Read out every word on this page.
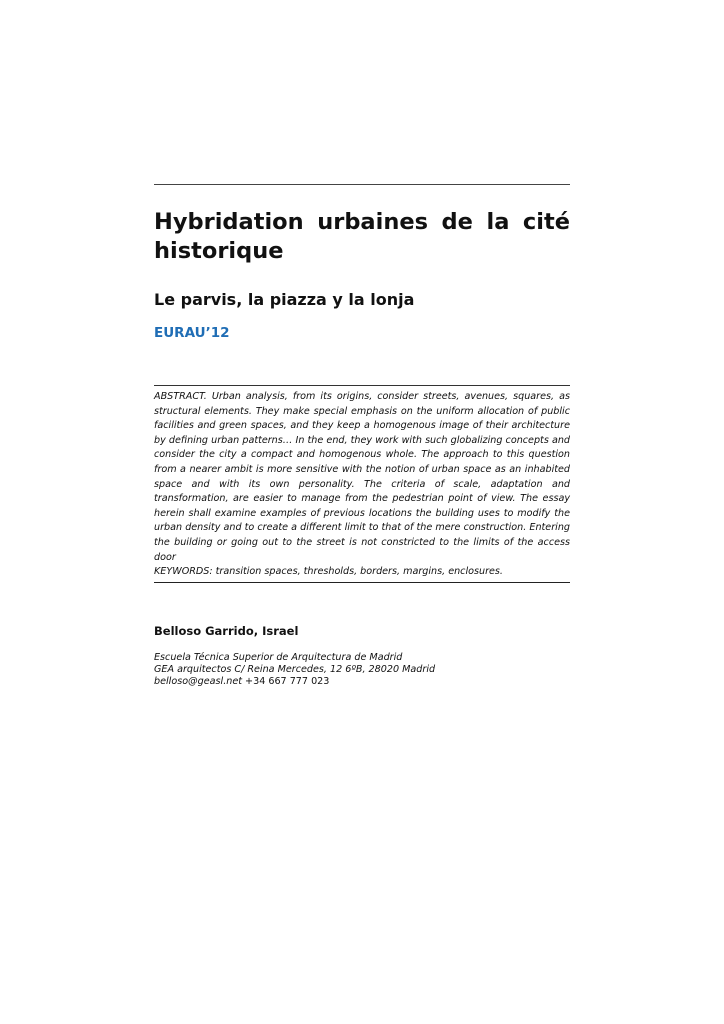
Hybridation urbaines de la cité historique
Le parvis, la piazza y la lonja
EURAU’12

ABSTRACT. Urban analysis, from its origins, consider streets, avenues, squares, as structural elements. They make special emphasis on the uniform allocation of public facilities and green spaces, and they keep a homogenous image of their architecture by defining urban patterns… In the end, they work with such globalizing concepts and consider the city a compact and homogenous whole. The approach to this question from a nearer ambit is more sensitive with the notion of urban space as an inhabited space and with its own personality. The criteria of scale, adaptation and transformation, are easier to manage from the pedestrian point of view. The essay herein shall examine examples of previous locations the building uses to modify the urban density and to create a different limit to that of the mere construction. Entering the building or going out to the street is not constricted to the limits of the access door

KEYWORDS: transition spaces, thresholds, borders, margins, enclosures.

Belloso Garrido, Israel
Escuela Técnica Superior de Arquitectura de Madrid
GEA arquitectos C/ Reina Mercedes, 12 6ºB, 28020 Madrid
belloso@geasl.net +34 667 777 023
